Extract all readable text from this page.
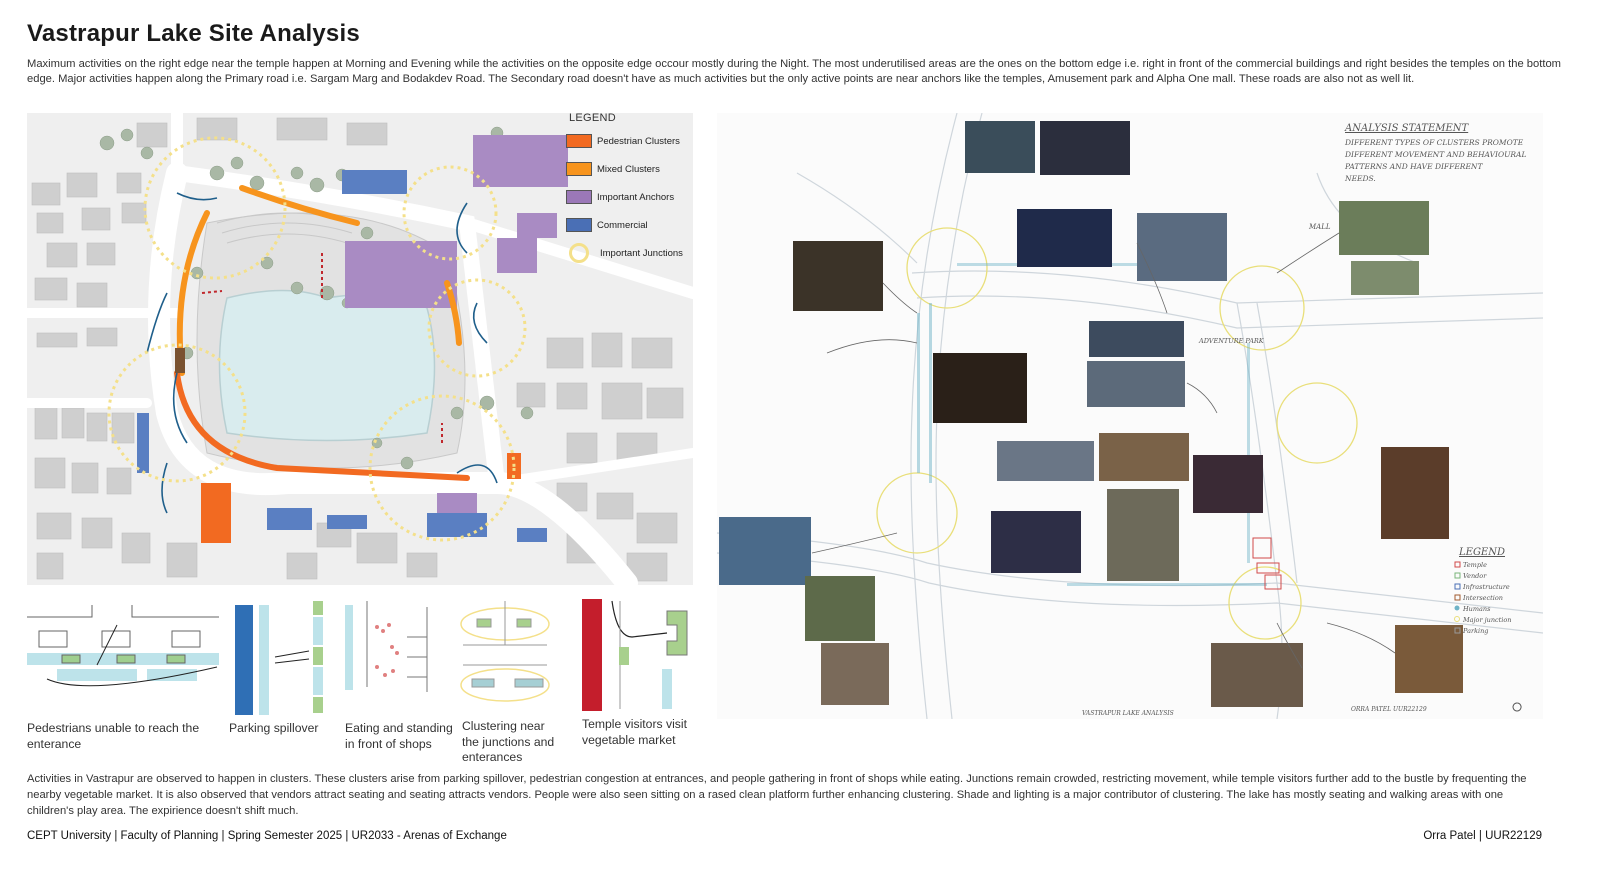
Vastrapur Lake Site Analysis
Maximum activities on the right edge near the temple happen at Morning and Evening while the activities on the opposite edge occour mostly during the Night. The most underutilised areas are the ones on the bottom edge i.e. right in front of the commercial buildings and right besides the temples on the bottom edge. Major activities happen along the Primary road i.e. Sargam Marg and Bodakdev Road. The Secondary road doesn't have as much activities but the only active points are near anchors like the temples, Amusement park and Alpha One mall. These roads are also not as well lit.
LEGEND
Pedestrian Clusters
Mixed Clusters
Important Anchors
Commercial
Important Junctions
Pedestrians unable to reach the enterance
Parking spillover	Eating and standing in front of shops
Clustering near the junctions and enterances
Temple visitors visit vegetable market
ANALYSIS STATEMENT
DIFFERENT TYPES OF CLUSTERS PROMOTE
DIFFERENT MOVEMENT AND BEHAVIOURAL
PATTERNS AND HAVE DIFFERENT
NEEDS.
MALL
ADVENTURE PARK
LEGEND
Temple
Vendor
Infrastructure
Intersection
Humans
Major junction
Parking
VASTRAPUR LAKE ANALYSIS
ORRA PATEL UUR22129
Activities in Vastrapur are observed to happen in clusters. These clusters arise from parking spillover, pedestrian congestion at entrances, and people gathering in front of shops while eating. Junctions remain crowded, restricting movement, while temple visitors further add to the bustle by frequenting the nearby vegetable market. It is also observed that vendors attract seating and seating attracts vendors. People were also seen sitting on a rased clean platform further enhancing clustering. Shade and lighting is a major contributor of clustering. The lake has mostly seating and walking areas with one children's play area. The expirience doesn't shift much.
CEPT University | Faculty of Planning | Spring Semester 2025 | UR2033 - Arenas of Exchange	Orra Patel | UUR22129
